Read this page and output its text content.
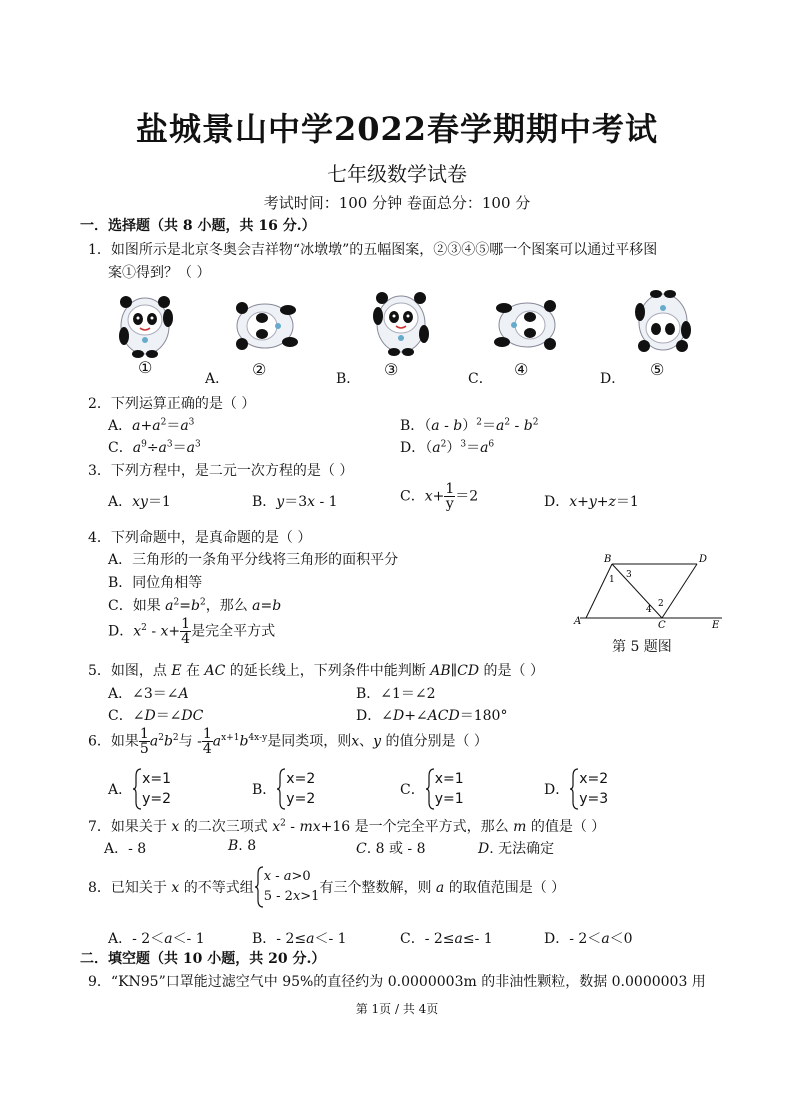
盐城景山中学2022春学期期中考试
七年级数学试卷
考试时间：100 分钟 卷面总分：100 分
一．选择题（共 8 小题，共 16 分.）
1．如图所示是北京冬奥会吉祥物“冰墩墩”的五幅图案，②③④⑤哪一个图案可以通过平移图
案①得到？（ ）
①
A． ②	B． ③	C． ④	D． ⑤
2．下列运算正确的是（ ）
A．$a+a^2=a^3$	B．$(a - b)^2=a^2 - b^2$
C．$a^9\div a^3=a^3$	D．$(a^2)^3=a^6$
3．下列方程中，是二元一次方程的是（ ）
A．xy＝1	B．y＝3x - 1	C．$x+ \frac{1}{y} =2$	D．x+y+z＝1
4．下列命题中，是真命题的是（ ）
A．三角形的一条角平分线将三角形的面积平分
B．同位角相等
C．如果 $a^2=b^2$，那么 a=b
D．$x^2 - x+ \frac{1}{4}$ 是完全平方式
B	D
A	C	E
1 3
4
2
第 5 题图
5．如图，点 E 在 AC 的延长线上，下列条件中能判断 AB∥CD 的是（ ）
A．∠3＝∠A	B．∠1＝∠2
C．∠D＝∠DC	D．∠D+∠ACD＝180°
6．如果 $\frac{1}{5} a^2b^2$与 - $\frac{1}{4} a^{x+1}b^{4x-y}$是同类项，则x、y 的值分别是（ ）
A．
x=1
y=2
B．
x=2
y=2
C．
x=1
y=1
D．
x=2
y=3
7．如果关于 x 的二次三项式 $x^2 - mx+16$ 是一个完全平方式，那么 m 的值是（ ）
A．- 8	B. 8	C. 8 或 - 8	D. 无法确定
8．已知关于 x 的不等式组
x - a>0
5 - 2x>1
有三个整数解，则 a 的取值范围是（ ）
A．- 2＜a＜- 1	B．- 2≤a＜- 1	C．- 2≤a≤- 1	D．- 2＜a＜0
二．填空题（共 10 小题，共 20 分.）
9．“KN95”口罩能过滤空气中 95%的直径约为 0.0000003m 的非油性颗粒，数据 0.0000003 用
第 1页 / 共 4页
